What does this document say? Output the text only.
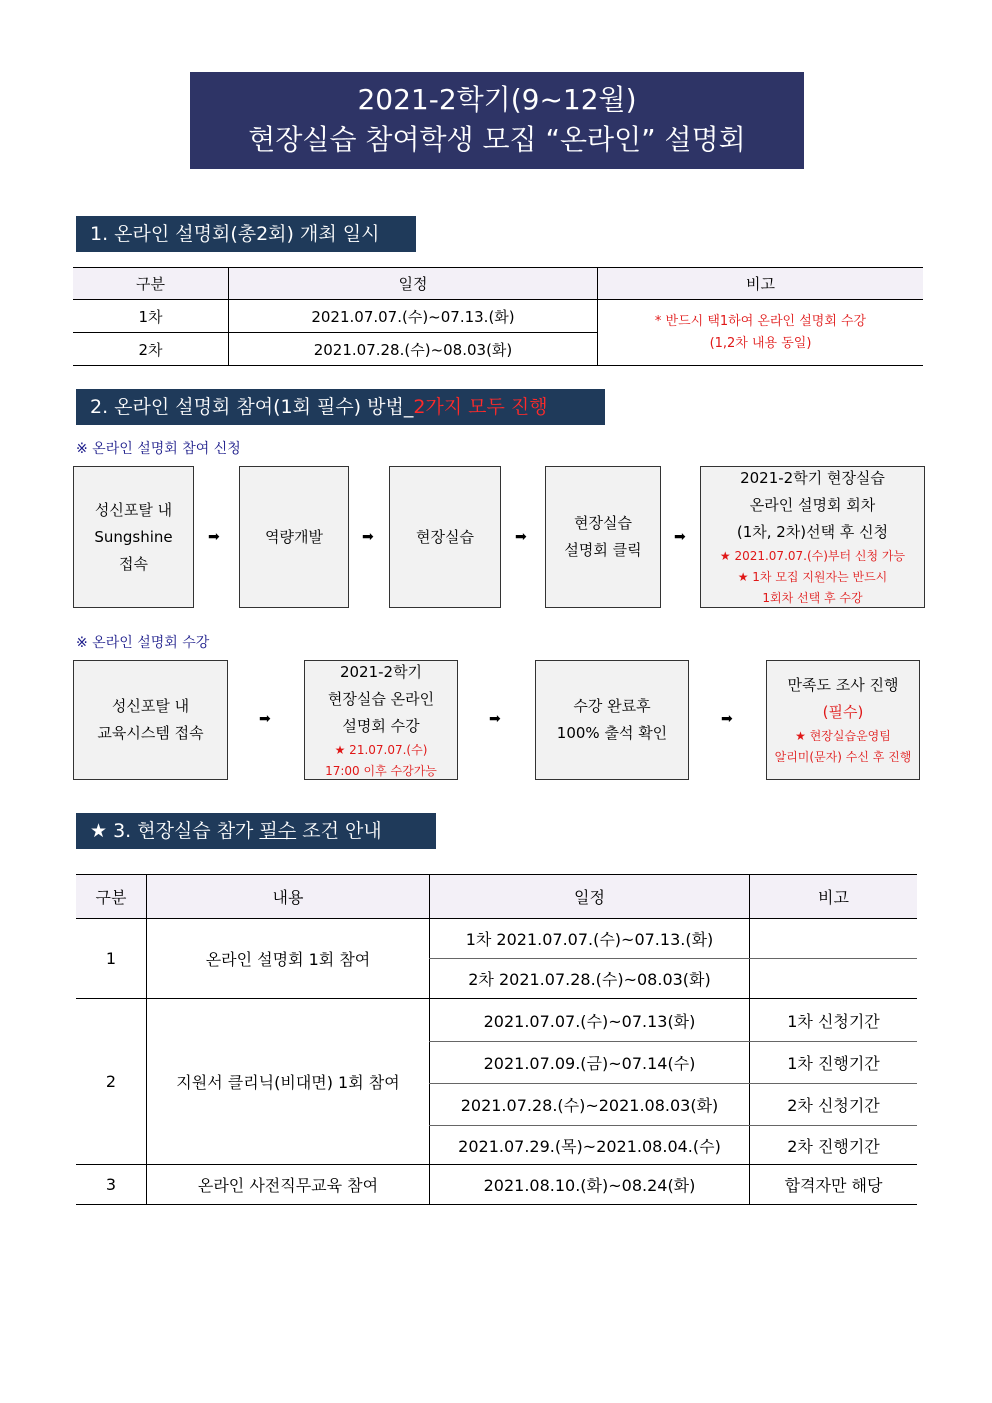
2021-2학기(9~12월)
현장실습 참여학생 모집 “온라인” 설명회
1. 온라인 설명회(총2회) 개최 일시
구분	일정	비고
1차	2021.07.07.(수)~07.13.(화)	* 반드시 택1하여 온라인 설명회 수강
(1,2차 내용 동일)

2차	2021.07.28.(수)~08.03(화)	
2. 온라인 설명회 참여(1회 필수) 방법_2가지 모두 진행
※ 온라인 설명회 참여 신청
성신포탈 내
Sungshine
접속
➡	역량개발	➡	현장실습	➡
현장실습
설명회 클릭
➡
2021-2학기 현장실습
온라인 설명회 회차
(1차, 2차)선택 후 신청
★ 2021.07.07.(수)부터 신청 가능
★ 1차 모집 지원자는 반드시
1회차 선택 후 수강
※ 온라인 설명회 수강
성신포탈 내
교육시스템 접속
➡
2021-2학기
현장실습 온라인
설명회 수강
★ 21.07.07.(수)
17:00 이후 수강가능
➡
수강 완료후
100% 출석 확인
➡
만족도 조사 진행
(필수)
★ 현장실습운영팀
알리미(문자) 수신 후 진행
★ 3. 현장실습 참가 필수 조건 안내
구분	내용	일정	비고
1	온라인 설명회 1회 참여	1차 2021.07.07.(수)~07.13.(화)	
		2차 2021.07.28.(수)~08.03(화)	
2	지원서 클리닉(비대면) 1회 참여	2021.07.07.(수)~07.13(화)	1차 신청기간
		2021.07.09.(금)~07.14(수)	1차 진행기간
		2021.07.28.(수)~2021.08.03(화)	2차 신청기간
		2021.07.29.(목)~2021.08.04.(수)	2차 진행기간
3	온라인 사전직무교육 참여	2021.08.10.(화)~08.24(화)	합격자만 해당
